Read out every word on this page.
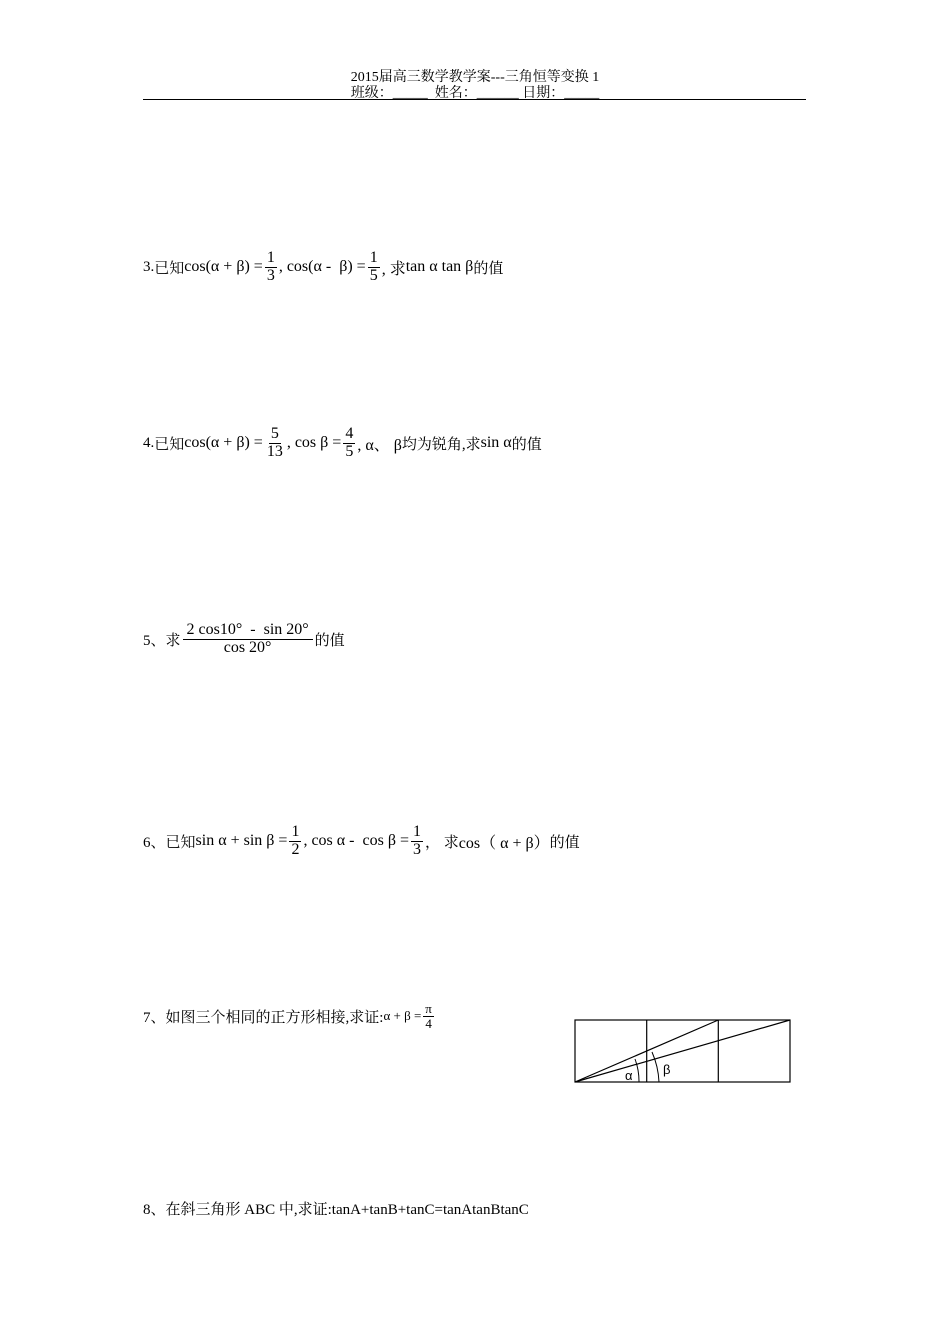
2015届高三数学教学案---三角恒等变换 1
班级：_____ 姓名：______ 日期：_____
3. 已知 $\cos(\alpha + \beta) = \frac{1}{3}$ , $\cos(\alpha - \beta) = \frac{1}{5}$ , 求 tan α tan β 的值
4. 已知 $\cos(\alpha + \beta) = \frac{5}{13}$ , $\cos \beta = \frac{4}{5}$ , α、 β 均为锐角,求 sin α 的值
5、 求 $\frac{2 \cos 10^\circ - \sin 20^\circ}{\cos 20^\circ}$ 的值
6、 已知 $\sin \alpha + \sin \beta = \frac{1}{2}$ , $\cos \alpha - \cos \beta = \frac{1}{3}$ ， 求 cos（ α + β） 的值
7、 如图三个相同的正方形相接,求证: $\alpha + \beta = \frac{\pi}{4}$
α β
8、 在斜三角形 ABC 中,求证:tanA+tanB+tanC=tanAtanBtanC
